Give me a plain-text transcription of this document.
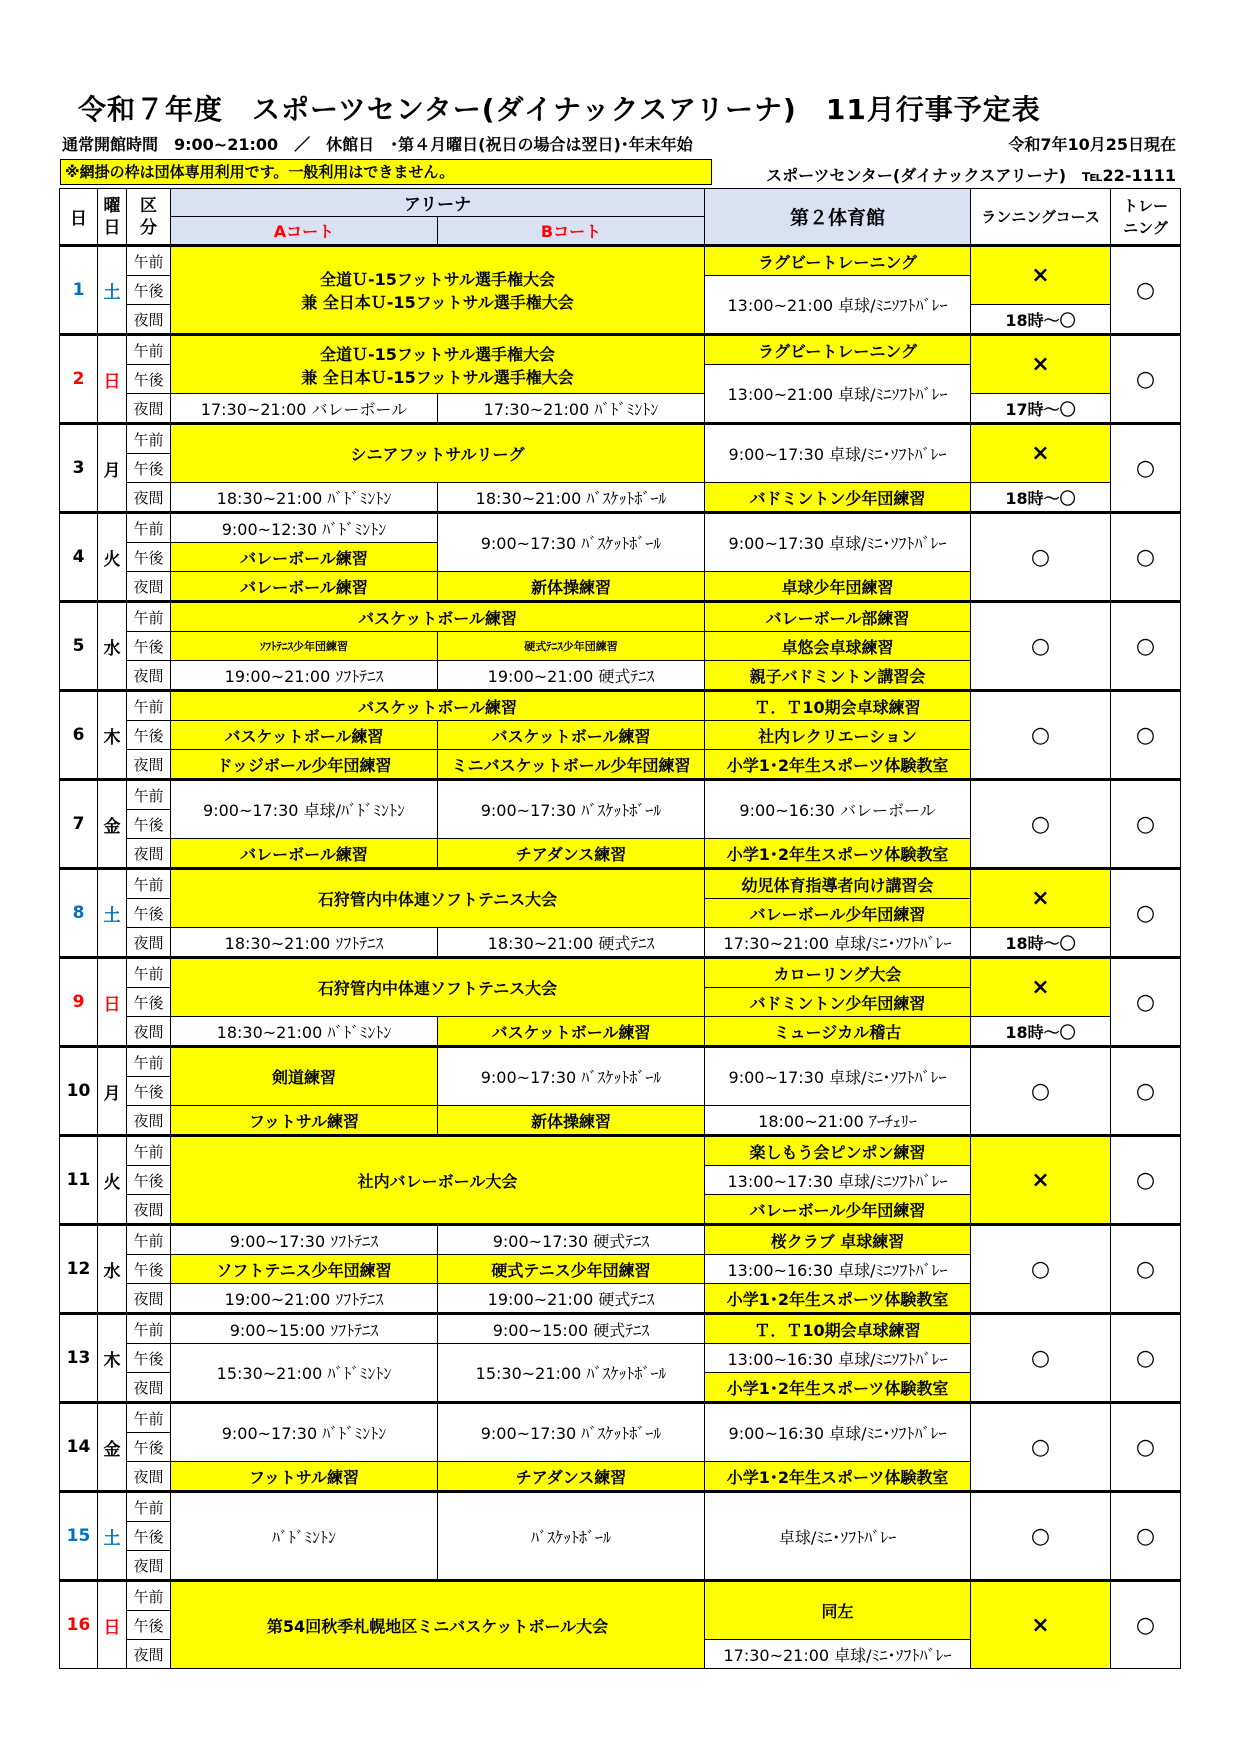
令和７年度　スポーツセンター(ダイナックスアリーナ)　11月行事予定表
通常開館時間　9:00~21:00　／　休館日　･第４月曜日(祝日の場合は翌日)･年末年始	令和7年10月25日現在
※網掛の枠は団体専用利用です。一般利用はできません。	スポーツセンター(ダイナックスアリーナ)　℡22-1111
日	曜
日	区
分	アリーナ		第２体育館	ランニングコース	トレー
ニング
			Aコート	Bコート			
1	土	午前	全道Ｕ-15フットサル選手権大会
兼 全日本Ｕ-15フットサル選手権大会		ラグビートレーニング	×	○
		午後			13:00~21:00 卓球/ﾐﾆｿﾌﾄﾊﾞﾚｰ		
		夜間				18時～〇	
2	日	午前	全道Ｕ-15フットサル選手権大会
兼 全日本Ｕ-15フットサル選手権大会		ラグビートレーニング	×	○
		午後			13:00~21:00 卓球/ﾐﾆｿﾌﾄﾊﾞﾚｰ		
		夜間	17:30~21:00 バレーボール	17:30~21:00 ﾊﾞﾄﾞﾐﾝﾄﾝ		17時～〇	
3	月	午前	シニアフットサルリーグ		9:00~17:30 卓球/ﾐﾆ･ｿﾌﾄﾊﾞﾚｰ	×	○
		午後					
		夜間	18:30~21:00 ﾊﾞﾄﾞﾐﾝﾄﾝ	18:30~21:00 ﾊﾞｽｹｯﾄﾎﾞｰﾙ	バドミントン少年団練習	18時～〇	
4	火	午前	9:00~12:30 ﾊﾞﾄﾞﾐﾝﾄﾝ	9:00~17:30 ﾊﾞｽｹｯﾄﾎﾞｰﾙ	9:00~17:30 卓球/ﾐﾆ･ｿﾌﾄﾊﾞﾚｰ	○	○
		午後	バレーボール練習				
		夜間	バレーボール練習	新体操練習	卓球少年団練習		
5	水	午前	バスケットボール練習		バレーボール部練習	○	○
		午後	ｿﾌﾄﾃﾆｽ少年団練習	硬式ﾃﾆｽ少年団練習	卓悠会卓球練習		
		夜間	19:00~21:00 ｿﾌﾄﾃﾆｽ	19:00~21:00 硬式ﾃﾆｽ	親子バドミントン講習会		
6	木	午前	バスケットボール練習		Ｔ．Ｔ10期会卓球練習	○	○
		午後	バスケットボール練習	バスケットボール練習	社内レクリエーション		
		夜間	ドッジボール少年団練習	ミニバスケットボール少年団練習	小学1･2年生スポーツ体験教室		
7	金	午前	9:00~17:30 卓球/ﾊﾞﾄﾞﾐﾝﾄﾝ	9:00~17:30 ﾊﾞｽｹｯﾄﾎﾞｰﾙ	9:00~16:30 バレーボール	○	○
		午後					
		夜間	バレーボール練習	チアダンス練習	小学1･2年生スポーツ体験教室		
8	土	午前	石狩管内中体連ソフトテニス大会		幼児体育指導者向け講習会	×	○
		午後			バレーボール少年団練習		
		夜間	18:30~21:00 ｿﾌﾄﾃﾆｽ	18:30~21:00 硬式ﾃﾆｽ	17:30~21:00 卓球/ﾐﾆ･ｿﾌﾄﾊﾞﾚｰ	18時～〇	
9	日	午前	石狩管内中体連ソフトテニス大会		カローリング大会	×	○
		午後			バドミントン少年団練習		
		夜間	18:30~21:00 ﾊﾞﾄﾞﾐﾝﾄﾝ	バスケットボール練習	ミュージカル稽古	18時～〇	
10	月	午前	剣道練習	9:00~17:30 ﾊﾞｽｹｯﾄﾎﾞｰﾙ	9:00~17:30 卓球/ﾐﾆ･ｿﾌﾄﾊﾞﾚｰ	○	○
		午後					
		夜間	フットサル練習	新体操練習	18:00~21:00 ｱｰﾁｪﾘｰ		
11	火	午前	社内バレーボール大会		楽しもう会ピンポン練習	×	○
		午後			13:00~17:30 卓球/ﾐﾆｿﾌﾄﾊﾞﾚｰ		
		夜間			バレーボール少年団練習		
12	水	午前	9:00~17:30 ｿﾌﾄﾃﾆｽ	9:00~17:30 硬式ﾃﾆｽ	桜クラブ 卓球練習	○	○
		午後	ソフトテニス少年団練習	硬式テニス少年団練習	13:00~16:30 卓球/ﾐﾆｿﾌﾄﾊﾞﾚｰ		
		夜間	19:00~21:00 ｿﾌﾄﾃﾆｽ	19:00~21:00 硬式ﾃﾆｽ	小学1･2年生スポーツ体験教室		
13	木	午前	9:00~15:00 ｿﾌﾄﾃﾆｽ	9:00~15:00 硬式ﾃﾆｽ	Ｔ．Ｔ10期会卓球練習	○	○
		午後	15:30~21:00 ﾊﾞﾄﾞﾐﾝﾄﾝ	15:30~21:00 ﾊﾞｽｹｯﾄﾎﾞｰﾙ	13:00~16:30 卓球/ﾐﾆｿﾌﾄﾊﾞﾚｰ		
		夜間			小学1･2年生スポーツ体験教室		
14	金	午前	9:00~17:30 ﾊﾞﾄﾞﾐﾝﾄﾝ	9:00~17:30 ﾊﾞｽｹｯﾄﾎﾞｰﾙ	9:00~16:30 卓球/ﾐﾆ･ｿﾌﾄﾊﾞﾚｰ	○	○
		午後					
		夜間	フットサル練習	チアダンス練習	小学1･2年生スポーツ体験教室		
15	土	午前	ﾊﾞﾄﾞﾐﾝﾄﾝ	ﾊﾞｽｹｯﾄﾎﾞｰﾙ	卓球/ﾐﾆ･ｿﾌﾄﾊﾞﾚｰ	○	○
		午後					
		夜間					
16	日	午前	第54回秋季札幌地区ミニバスケットボール大会		同左	×	○
		午後					
		夜間			17:30~21:00 卓球/ﾐﾆ･ｿﾌﾄﾊﾞﾚｰ		
